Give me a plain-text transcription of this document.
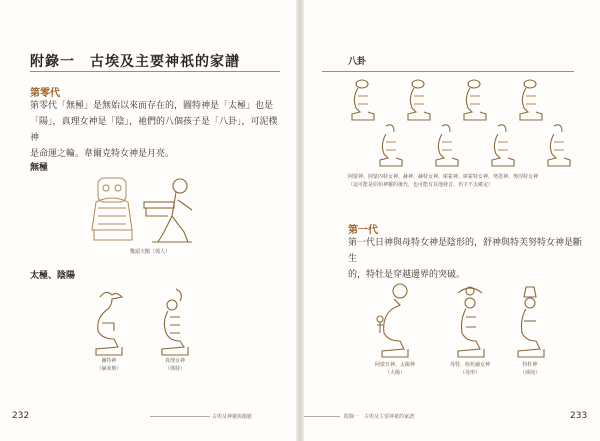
附錄一　古埃及主要神祇的家譜
第零代

第零代「無極」是無始以來而存在的，圖特神是「太極」也是
「陽」，真理女神是「陰」，祂們的八個孩子是「八卦」，可泥樸神
是命運之輪。韋爾克特女神是月亮。

無極
雙頭天鵝（瑪人）
太極、陰陽
圖特神
（赫米斯）
真理女神
（瑪特）
232	古埃及神靈與龍脈
八卦
阿蒙神、阿蒙內特女神、赫神、赫特女神、庫霍神、庫霍特女神、努恩神、努涅特女神
（這可能是原始神靈的後代，也可能有其他發音、名字不太確定）
第一代

第一代日神與母特女神是陰形的，舒神與特芙努特女神是斷生
的，特牡是穿越邊界的突破。

阿蒙日神、太陽神
（大陽）
母特、哈托爾女神
（母形）
特牡神
（渾沌）
附錄一　古埃及主要神祇的家譜	233
